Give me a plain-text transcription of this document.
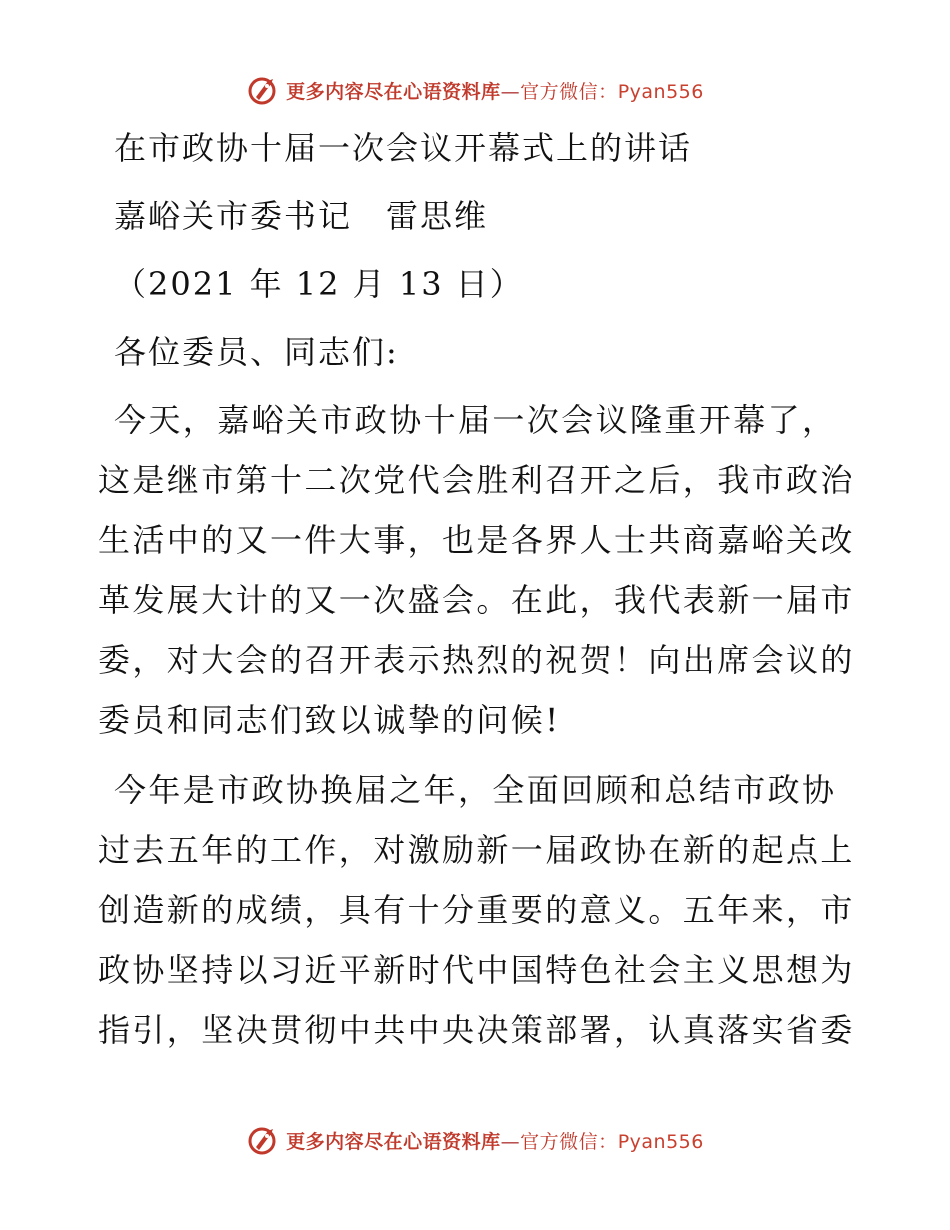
更多内容尽在心语资料库—官方微信：Pyan556
在市政协十届一次会议开幕式上的讲话
嘉峪关市委书记　雷思维
（2021 年 12 月 13 日）
各位委员、同志们:
今天，嘉峪关市政协十届一次会议隆重开幕了，
这是继市第十二次党代会胜利召开之后，我市政治
生活中的又一件大事，也是各界人士共商嘉峪关改
革发展大计的又一次盛会。在此，我代表新一届市
委，对大会的召开表示热烈的祝贺！向出席会议的
委员和同志们致以诚挚的问候!
今年是市政协换届之年，全面回顾和总结市政协
过去五年的工作，对激励新一届政协在新的起点上
创造新的成绩，具有十分重要的意义。五年来，市
政协坚持以习近平新时代中国特色社会主义思想为
指引，坚决贯彻中共中央决策部署，认真落实省委
更多内容尽在心语资料库—官方微信：Pyan556
